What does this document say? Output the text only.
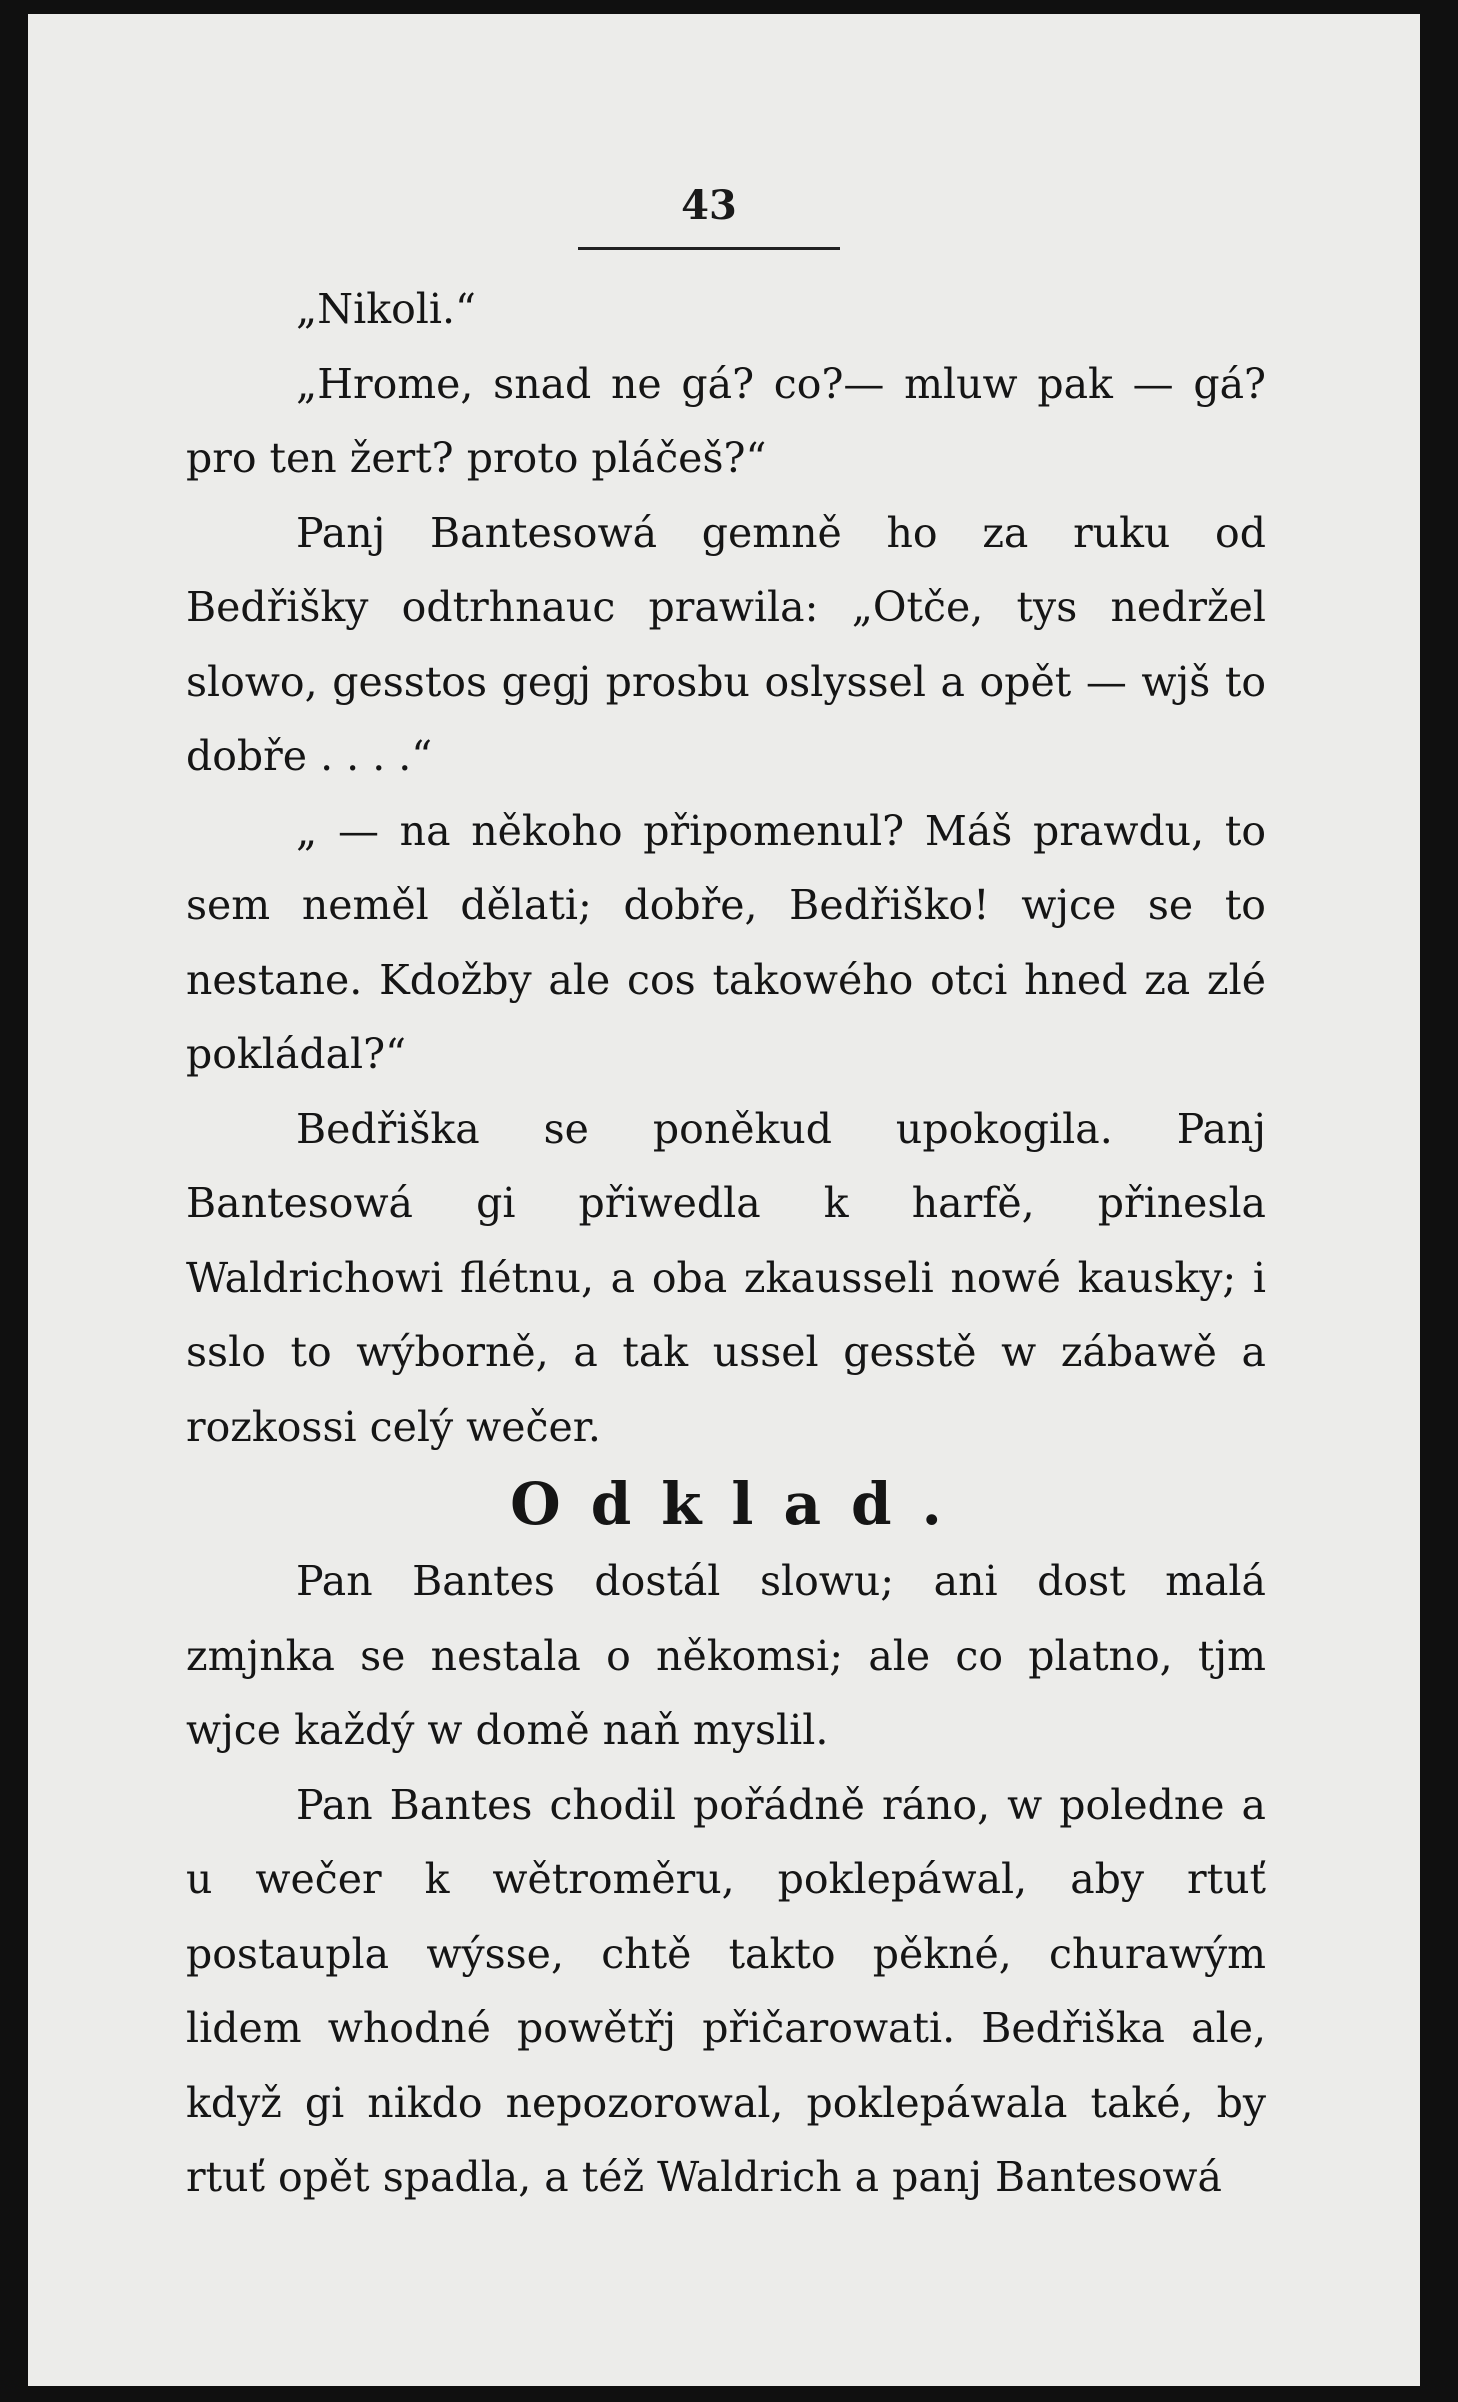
43

„Nikoli.“

„Hrome, snad ne gá? co?— mluw pak — gá? pro ten žert? proto pláčeš?“

Panj Bantesowá gemně ho za ruku od Bedřišky odtrhnauc prawila: „Otče, tys nedržel slowo, gesstos gegj prosbu oslyssel a opět — wjš to dobře . . . .“

„ — na někoho připomenul? Máš prawdu, to sem neměl dělati; dobře, Bedřiško! wjce se to nestane. Kdožby ale cos takowého otci hned za zlé pokládal?“

Bedřiška se poněkud upokogila. Panj Bantesowá gi přiwedla k harfě, přinesla Waldrichowi flétnu, a oba zkausseli nowé kausky; i sslo to wýborně, a tak ussel gesstě w zábawě a rozkossi celý wečer.

Odklad.

Pan Bantes dostál slowu; ani dost malá zmjnka se nestala o někomsi; ale co platno, tjm wjce každý w domě naň myslil.

Pan Bantes chodil pořádně ráno, w poledne a u wečer k wětroměru, poklepáwal, aby rtuť postaupla wýsse, chtě takto pěkné, churawým lidem whodné powětřj přičarowati. Bedřiška ale, když gi nikdo nepozorowal, poklepáwala také, by rtuť opět spadla, a též Waldrich a panj Bantesowá
